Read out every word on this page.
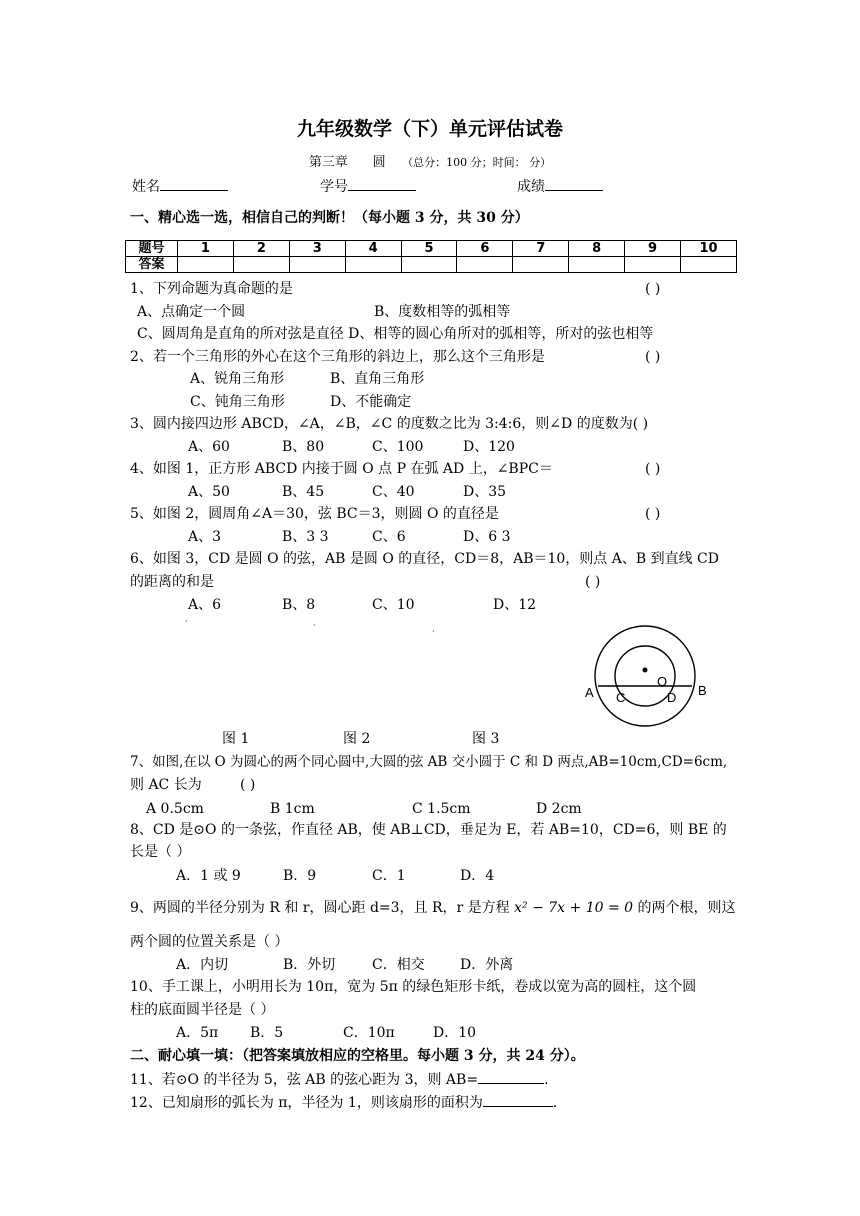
九年级数学（下）单元评估试卷
第三章 圆 （总分：100 分；时间： 分）
姓名	学号	成绩
一、精心选一选，相信自己的判断！（每小题 3 分，共 30 分）
题号	1	2	3	4	5	6	7	8	9	10
答案										
1、下列命题为真命题的是	( )
A、点确定一个圆	B、度数相等的弧相等
C、圆周角是直角的所对弦是直径 D、相等的圆心角所对的弧相等，所对的弦也相等
2、若一个三角形的外心在这个三角形的斜边上，那么这个三角形是	( )
A、锐角三角形	B、直角三角形
C、钝角三角形	D、不能确定
3、圆内接四边形 ABCD，∠A，∠B，∠C 的度数之比为 3:4:6，则∠D 的度数为( )
A、60	B、80	C、100	D、120
4、如图 1，正方形 ABCD 内接于圆 O 点 P 在弧 AD 上，∠BPC＝	( )
A、50	B、45	C、40	D、35
5、如图 2，圆周角∠A＝30，弦 BC＝3，则圆 O 的直径是	( )
A、3	B、3 3	C、6	D、6 3
6、如图 3，CD 是圆 O 的弦，AB 是圆 O 的直径，CD＝8，AB＝10，则点 A、B 到直线 CD
的距离的和是	( )
A、6	B、8	C、10	D、12
·	·
·
A	B
C	D
O
图 1	图 2	图 3
7、如图,在以 O 为圆心的两个同心圆中,大圆的弦 AB 交小圆于 C 和 D 两点,AB=10cm,CD=6cm,
则 AC 长为	( )
A 0.5cm	B 1cm	C 1.5cm	D 2cm
8、CD 是⊙O 的一条弦，作直径 AB，使 AB⊥CD，垂足为 E，若 AB=10，CD=6，则 BE 的
长是（ ）
A．1 或 9	B．9	C．1	D．4
9、两圆的半径分别为 R 和 r，圆心距 d=3，且 R，r 是方程 x² − 7x + 10 = 0 的两个根，则这
两个圆的位置关系是（ ）
A．内切	B．外切	C．相交	D．外离
10、手工课上，小明用长为 10π，宽为 5π 的绿色矩形卡纸，卷成以宽为高的圆柱，这个圆
柱的底面圆半径是（ ）
A．5π B．5	C．10π	D．10
二、耐心填一填：（把答案填放相应的空格里。每小题 3 分，共 24 分）。
11、若⊙O 的半径为 5，弦 AB 的弦心距为 3，则 AB=	.
12、已知扇形的弧长为 π，半径为 1，则该扇形的面积为	.
